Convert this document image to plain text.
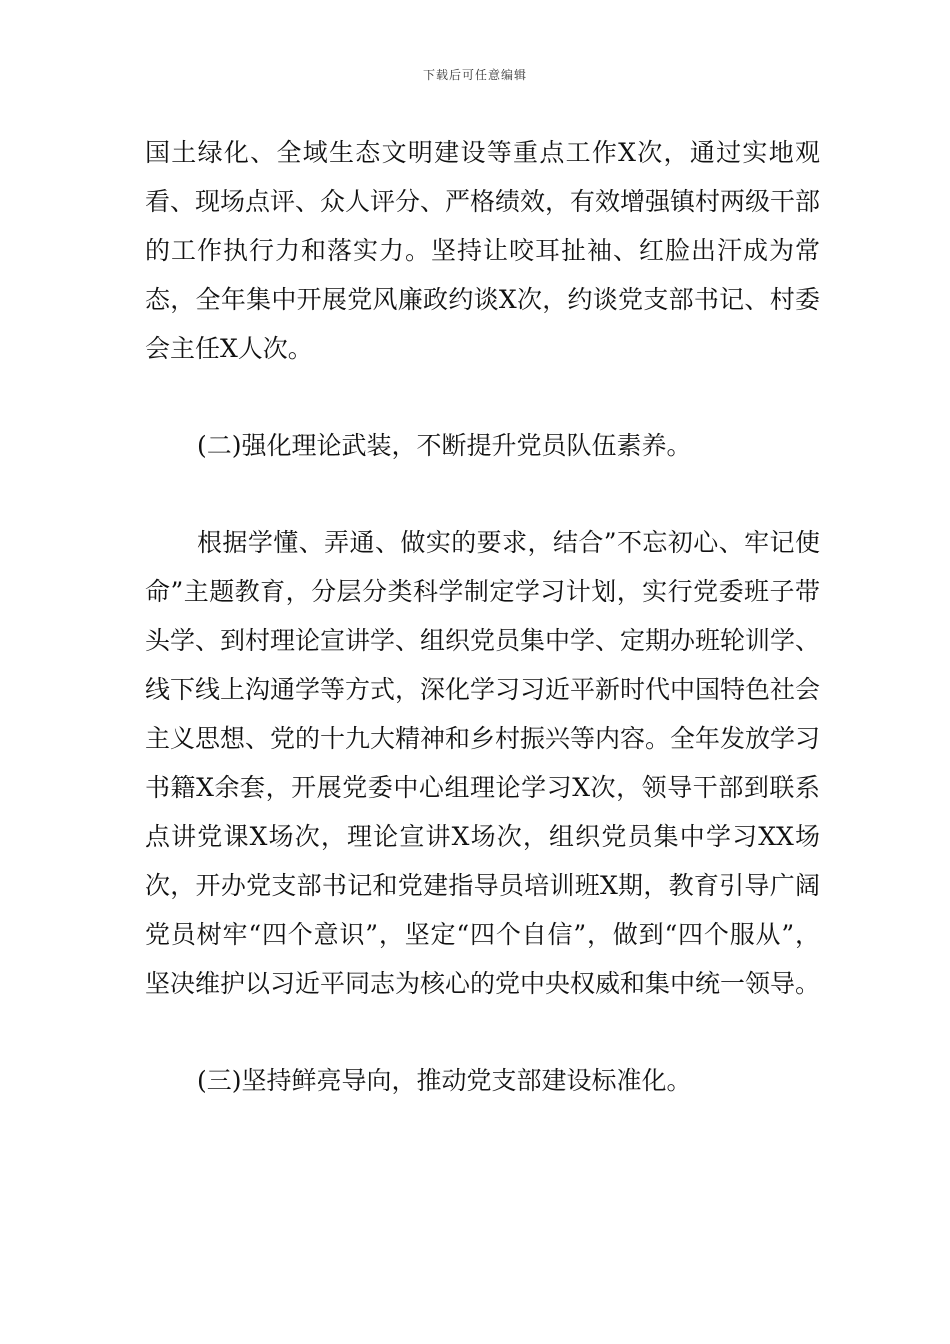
下载后可任意编辑

国土绿化、全域生态文明建设等重点工作X次，通过实地观看、现场点评、众人评分、严格绩效，有效增强镇村两级干部的工作执行力和落实力。坚持让咬耳扯袖、红脸出汗成为常态，全年集中开展党风廉政约谈X次，约谈党支部书记、村委会主任X人次。

(二)强化理论武装，不断提升党员队伍素养。

根据学懂、弄通、做实的要求，结合”不忘初心、牢记使命”主题教育，分层分类科学制定学习计划，实行党委班子带头学、到村理论宣讲学、组织党员集中学、定期办班轮训学、线下线上沟通学等方式，深化学习习近平新时代中国特色社会主义思想、党的十九大精神和乡村振兴等内容。全年发放学习书籍X余套，开展党委中心组理论学习X次，领导干部到联系点讲党课X场次，理论宣讲X场次，组织党员集中学习XX场次，开办党支部书记和党建指导员培训班X期，教育引导广阔党员树牢“四个意识”，坚定“四个自信”，做到“四个服从”，坚决维护以习近平同志为核心的党中央权威和集中统一领导。

(三)坚持鲜亮导向，推动党支部建设标准化。
